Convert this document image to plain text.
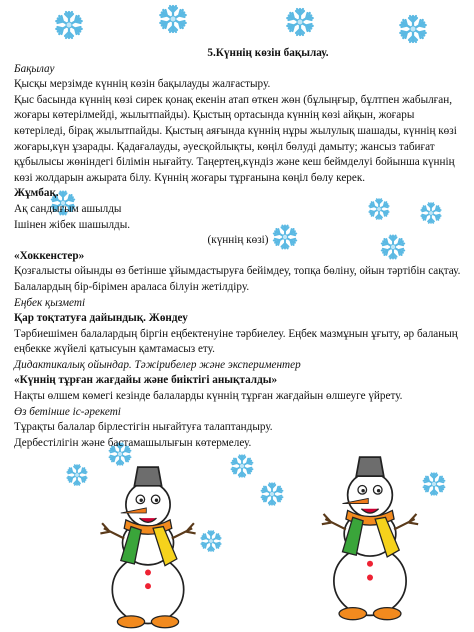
5.Күннің көзін бақылау.
Бақылау
Қысқы мерзімде күннің көзін бақылауды жалғастыру.
Қыс басында күннің көзі сирек қонақ екенін атап өткен жөн (бұлыңғыр, бұлтпен жабылған, жоғары көтерілмейді, жылытпайды). Қыстың ортасында күннің көзі айқын, жоғары көтеріледі, бірақ жылытпайды. Қыстың аяғында күннің нұры жылулық шашады, күннің көзі жоғары,күн ұзарады. Қадағалауды, әуесқойлықты, көңіл бөлуді дамыту; жансыз табиғат құбылысы жөніндегі білімін нығайту. Таңертең,күндіз және кеш беймделуі бойынша күннің көзі жолдарын ажырата білу. Күннің жоғары тұрғанына көңіл бөлу керек.
Жұмбақ.
Ақ сандығым ашылды
Ішінен жібек шашылды.
(күннің көзі)
«Хоккенстер»
Қозғалысты ойынды өз бетінше ұйымдастыруға бейімдеу, топқа бөліну, ойын тәртібін сақтау. Балалардың бір-бірімен араласа білуін жетілдіру.
Еңбек қызметі
Қар тоқтатуға дайындық. Жөндеу
Тәрбиешімен балалардың біргін еңбектенуіне тәрбиелеу. Еңбек мазмұнын ұғыту, әр баланың еңбекке жүйелі қатысуын қамтамасыз ету.
Дидактикалық ойындар. Тәжірибелер және экспериментер
«Күннің тұрған жағдайы және биіктігі анықталды»
Нақты өлшем көмегі кезінде балаларды күннің тұрған жағдайын өлшеуге үйрету.
Өз бетінше іс-әрекеті
Тұрақты балалар бірлестігін нығайтуға талаптандыру.
Дербестілігін және бастамашылығын көтермелеу.
